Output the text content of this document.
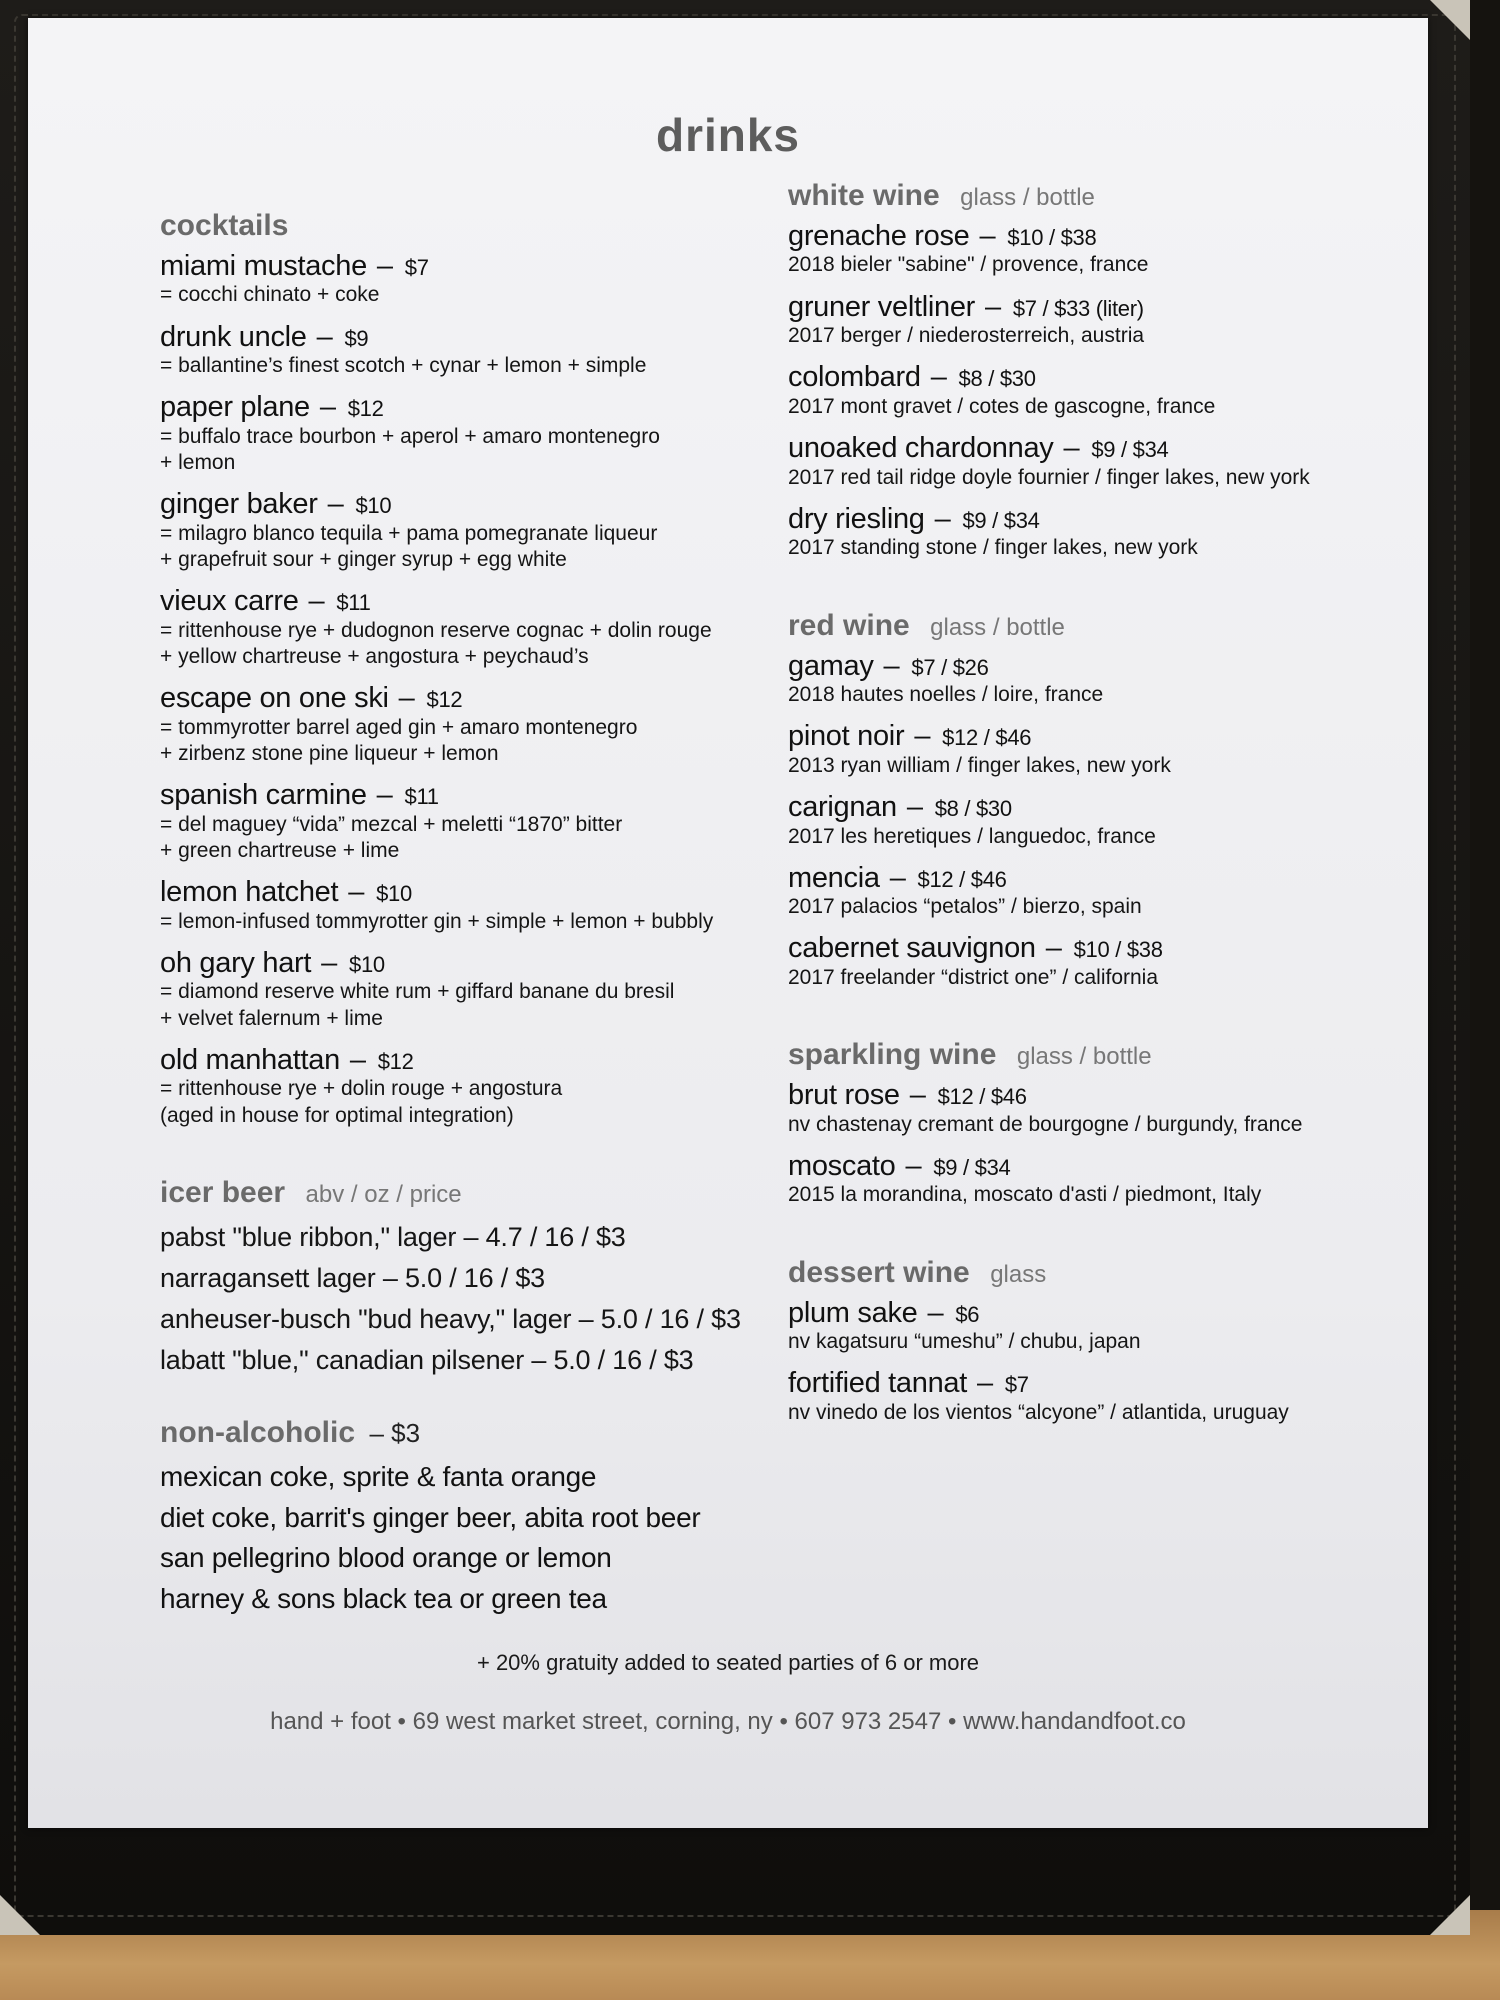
drinks
cocktails
miami mustache – $7
= cocchi chinato + coke
drunk uncle – $9
= ballantine’s finest scotch + cynar + lemon + simple
paper plane – $12
= buffalo trace bourbon + aperol + amaro montenegro
+ lemon
ginger baker – $10
= milagro blanco tequila + pama pomegranate liqueur
+ grapefruit sour + ginger syrup + egg white
vieux carre – $11
= rittenhouse rye + dudognon reserve cognac + dolin rouge
+ yellow chartreuse + angostura + peychaud’s
escape on one ski – $12
= tommyrotter barrel aged gin + amaro montenegro
+ zirbenz stone pine liqueur + lemon
spanish carmine – $11
= del maguey “vida” mezcal + meletti “1870” bitter
+ green chartreuse + lime
lemon hatchet – $10
= lemon-infused tommyrotter gin + simple + lemon + bubbly
oh gary hart – $10
= diamond reserve white rum + giffard banane du bresil
+ velvet falernum + lime
old manhattan – $12
= rittenhouse rye + dolin rouge + angostura
(aged in house for optimal integration)
icer beer abv / oz / price
pabst "blue ribbon," lager – 4.7 / 16 / $3
narragansett lager – 5.0 / 16 / $3
anheuser-busch "bud heavy," lager – 5.0 / 16 / $3
labatt "blue," canadian pilsener – 5.0 / 16 / $3
non-alcoholic – $3
mexican coke, sprite & fanta orange
diet coke, barrit's ginger beer, abita root beer
san pellegrino blood orange or lemon
harney & sons black tea or green tea
white wine glass / bottle
grenache rose – $10 / $38
2018 bieler "sabine" / provence, france
gruner veltliner – $7 / $33 (liter)
2017 berger / niederosterreich, austria
colombard – $8 / $30
2017 mont gravet / cotes de gascogne, france
unoaked chardonnay – $9 / $34
2017 red tail ridge doyle fournier / finger lakes, new york
dry riesling – $9 / $34
2017 standing stone / finger lakes, new york
red wine glass / bottle
gamay – $7 / $26
2018 hautes noelles / loire, france
pinot noir – $12 / $46
2013 ryan william / finger lakes, new york
carignan – $8 / $30
2017 les heretiques / languedoc, france
mencia – $12 / $46
2017 palacios “petalos” / bierzo, spain
cabernet sauvignon – $10 / $38
2017 freelander “district one” / california
sparkling wine glass / bottle
brut rose – $12 / $46
nv chastenay cremant de bourgogne / burgundy, france
moscato – $9 / $34
2015 la morandina, moscato d'asti / piedmont, Italy
dessert wine glass
plum sake – $6
nv kagatsuru “umeshu” / chubu, japan
fortified tannat – $7
nv vinedo de los vientos “alcyone” / atlantida, uruguay
+ 20% gratuity added to seated parties of 6 or more
hand + foot • 69 west market street, corning, ny • 607 973 2547 • www.handandfoot.co
